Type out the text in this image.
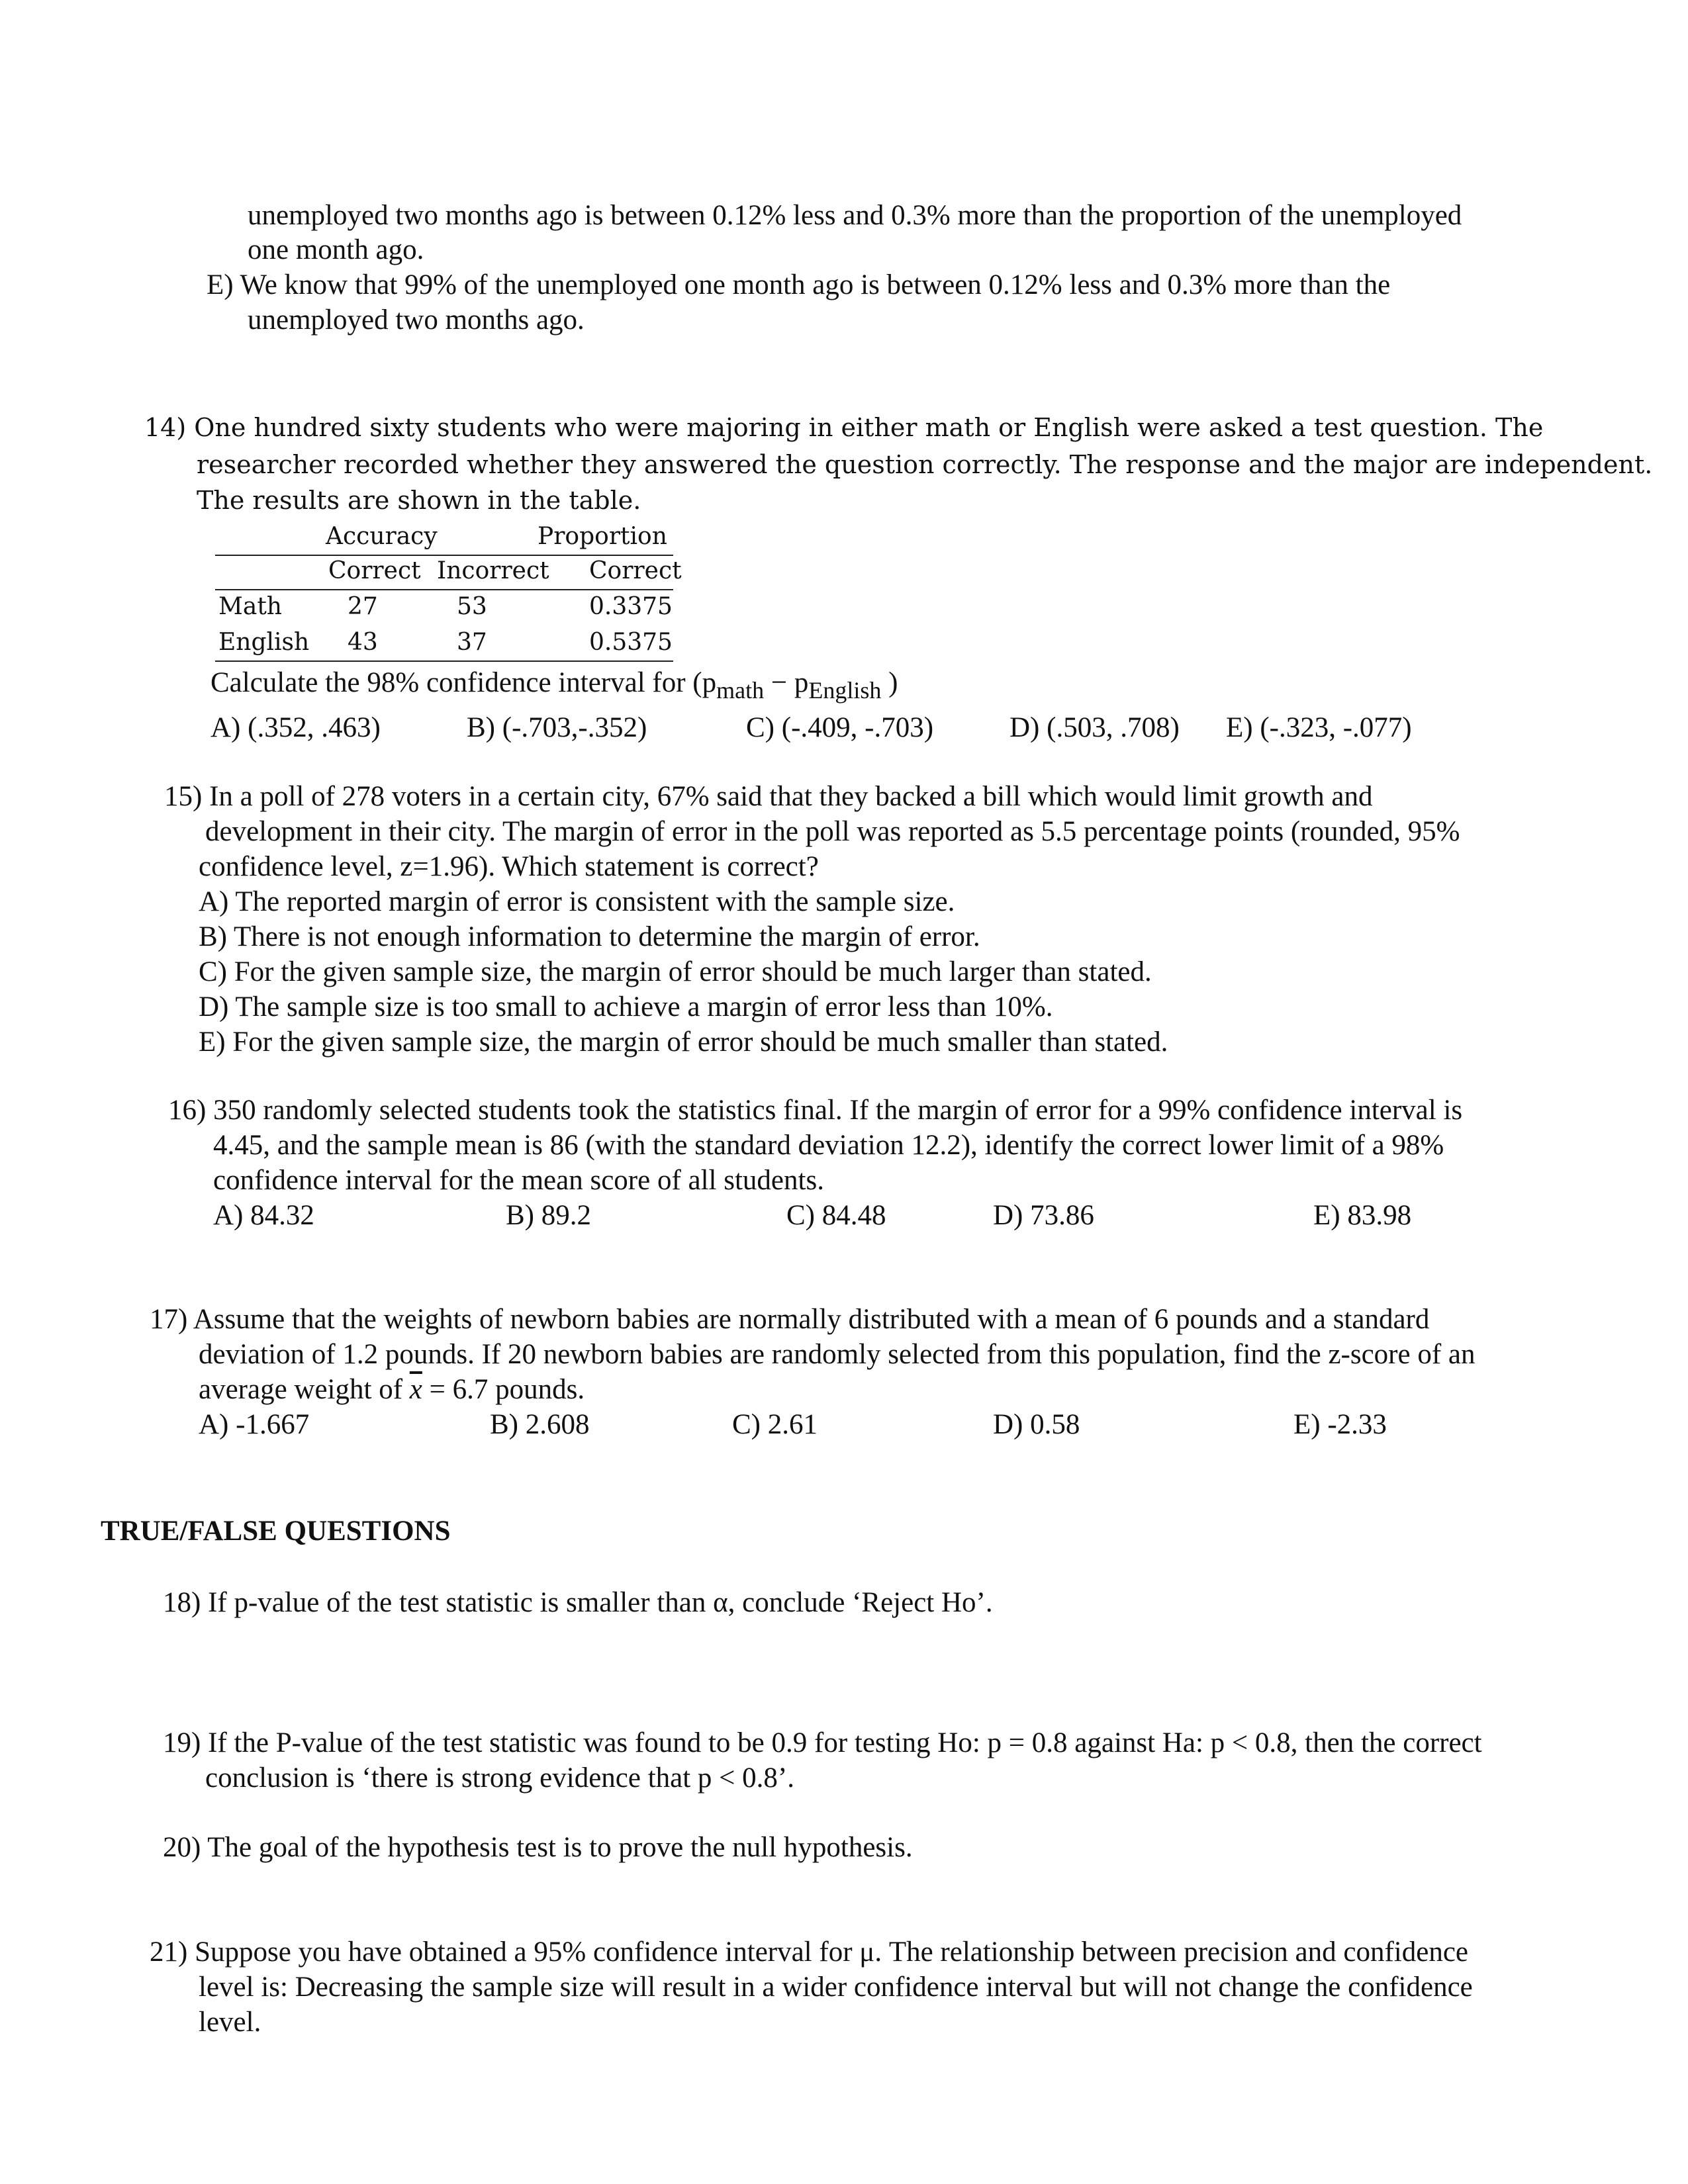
unemployed two months ago is between 0.12% less and 0.3% more than the proportion of the unemployed
one month ago.
E) We know that 99% of the unemployed one month ago is between 0.12% less and 0.3% more than the
unemployed two months ago.
14) One hundred sixty students who were majoring in either math or English were asked a test question. The
researcher recorded whether they answered the question correctly. The response and the major are independent.
The results are shown in the table.
Accuracy	Proportion
Correct Incorrect Correct
Math	27	53	0.3375
English 43	37	0.5375
Calculate the 98% confidence interval for ($p_{math} - p_{English}$ )
A) (.352, .463)	B) (-.703,-.352)	C) (-.409, -.703)	D) (.503, .708) E) (-.323, -.077)
15) In a poll of 278 voters in a certain city, 67% said that they backed a bill which would limit growth and
development in their city. The margin of error in the poll was reported as 5.5 percentage points (rounded, 95%
confidence level, z=1.96). Which statement is correct?
A) The reported margin of error is consistent with the sample size.
B) There is not enough information to determine the margin of error.
C) For the given sample size, the margin of error should be much larger than stated.
D) The sample size is too small to achieve a margin of error less than 10%.
E) For the given sample size, the margin of error should be much smaller than stated.
16) 350 randomly selected students took the statistics final. If the margin of error for a 99% confidence interval is
4.45, and the sample mean is 86 (with the standard deviation 12.2), identify the correct lower limit of a 98%
confidence interval for the mean score of all students.
A) 84.32	B) 89.2	C) 84.48	D) 73.86	E) 83.98
17) Assume that the weights of newborn babies are normally distributed with a mean of 6 pounds and a standard
deviation of 1.2 pounds. If 20 newborn babies are randomly selected from this population, find the z-score of an
average weight of $\overline{x} = 6.7$ pounds.
A) -1.667	B) 2.608	C) 2.61	D) 0.58	E) -2.33
TRUE/FALSE QUESTIONS
18) If p-value of the test statistic is smaller than α, conclude ‘Reject Ho’.
19) If the P-value of the test statistic was found to be 0.9 for testing Ho: p = 0.8 against Ha: p < 0.8, then the correct
conclusion is ‘there is strong evidence that p < 0.8’.
20) The goal of the hypothesis test is to prove the null hypothesis.
21) Suppose you have obtained a 95% confidence interval for μ. The relationship between precision and confidence
level is: Decreasing the sample size will result in a wider confidence interval but will not change the confidence
level.
